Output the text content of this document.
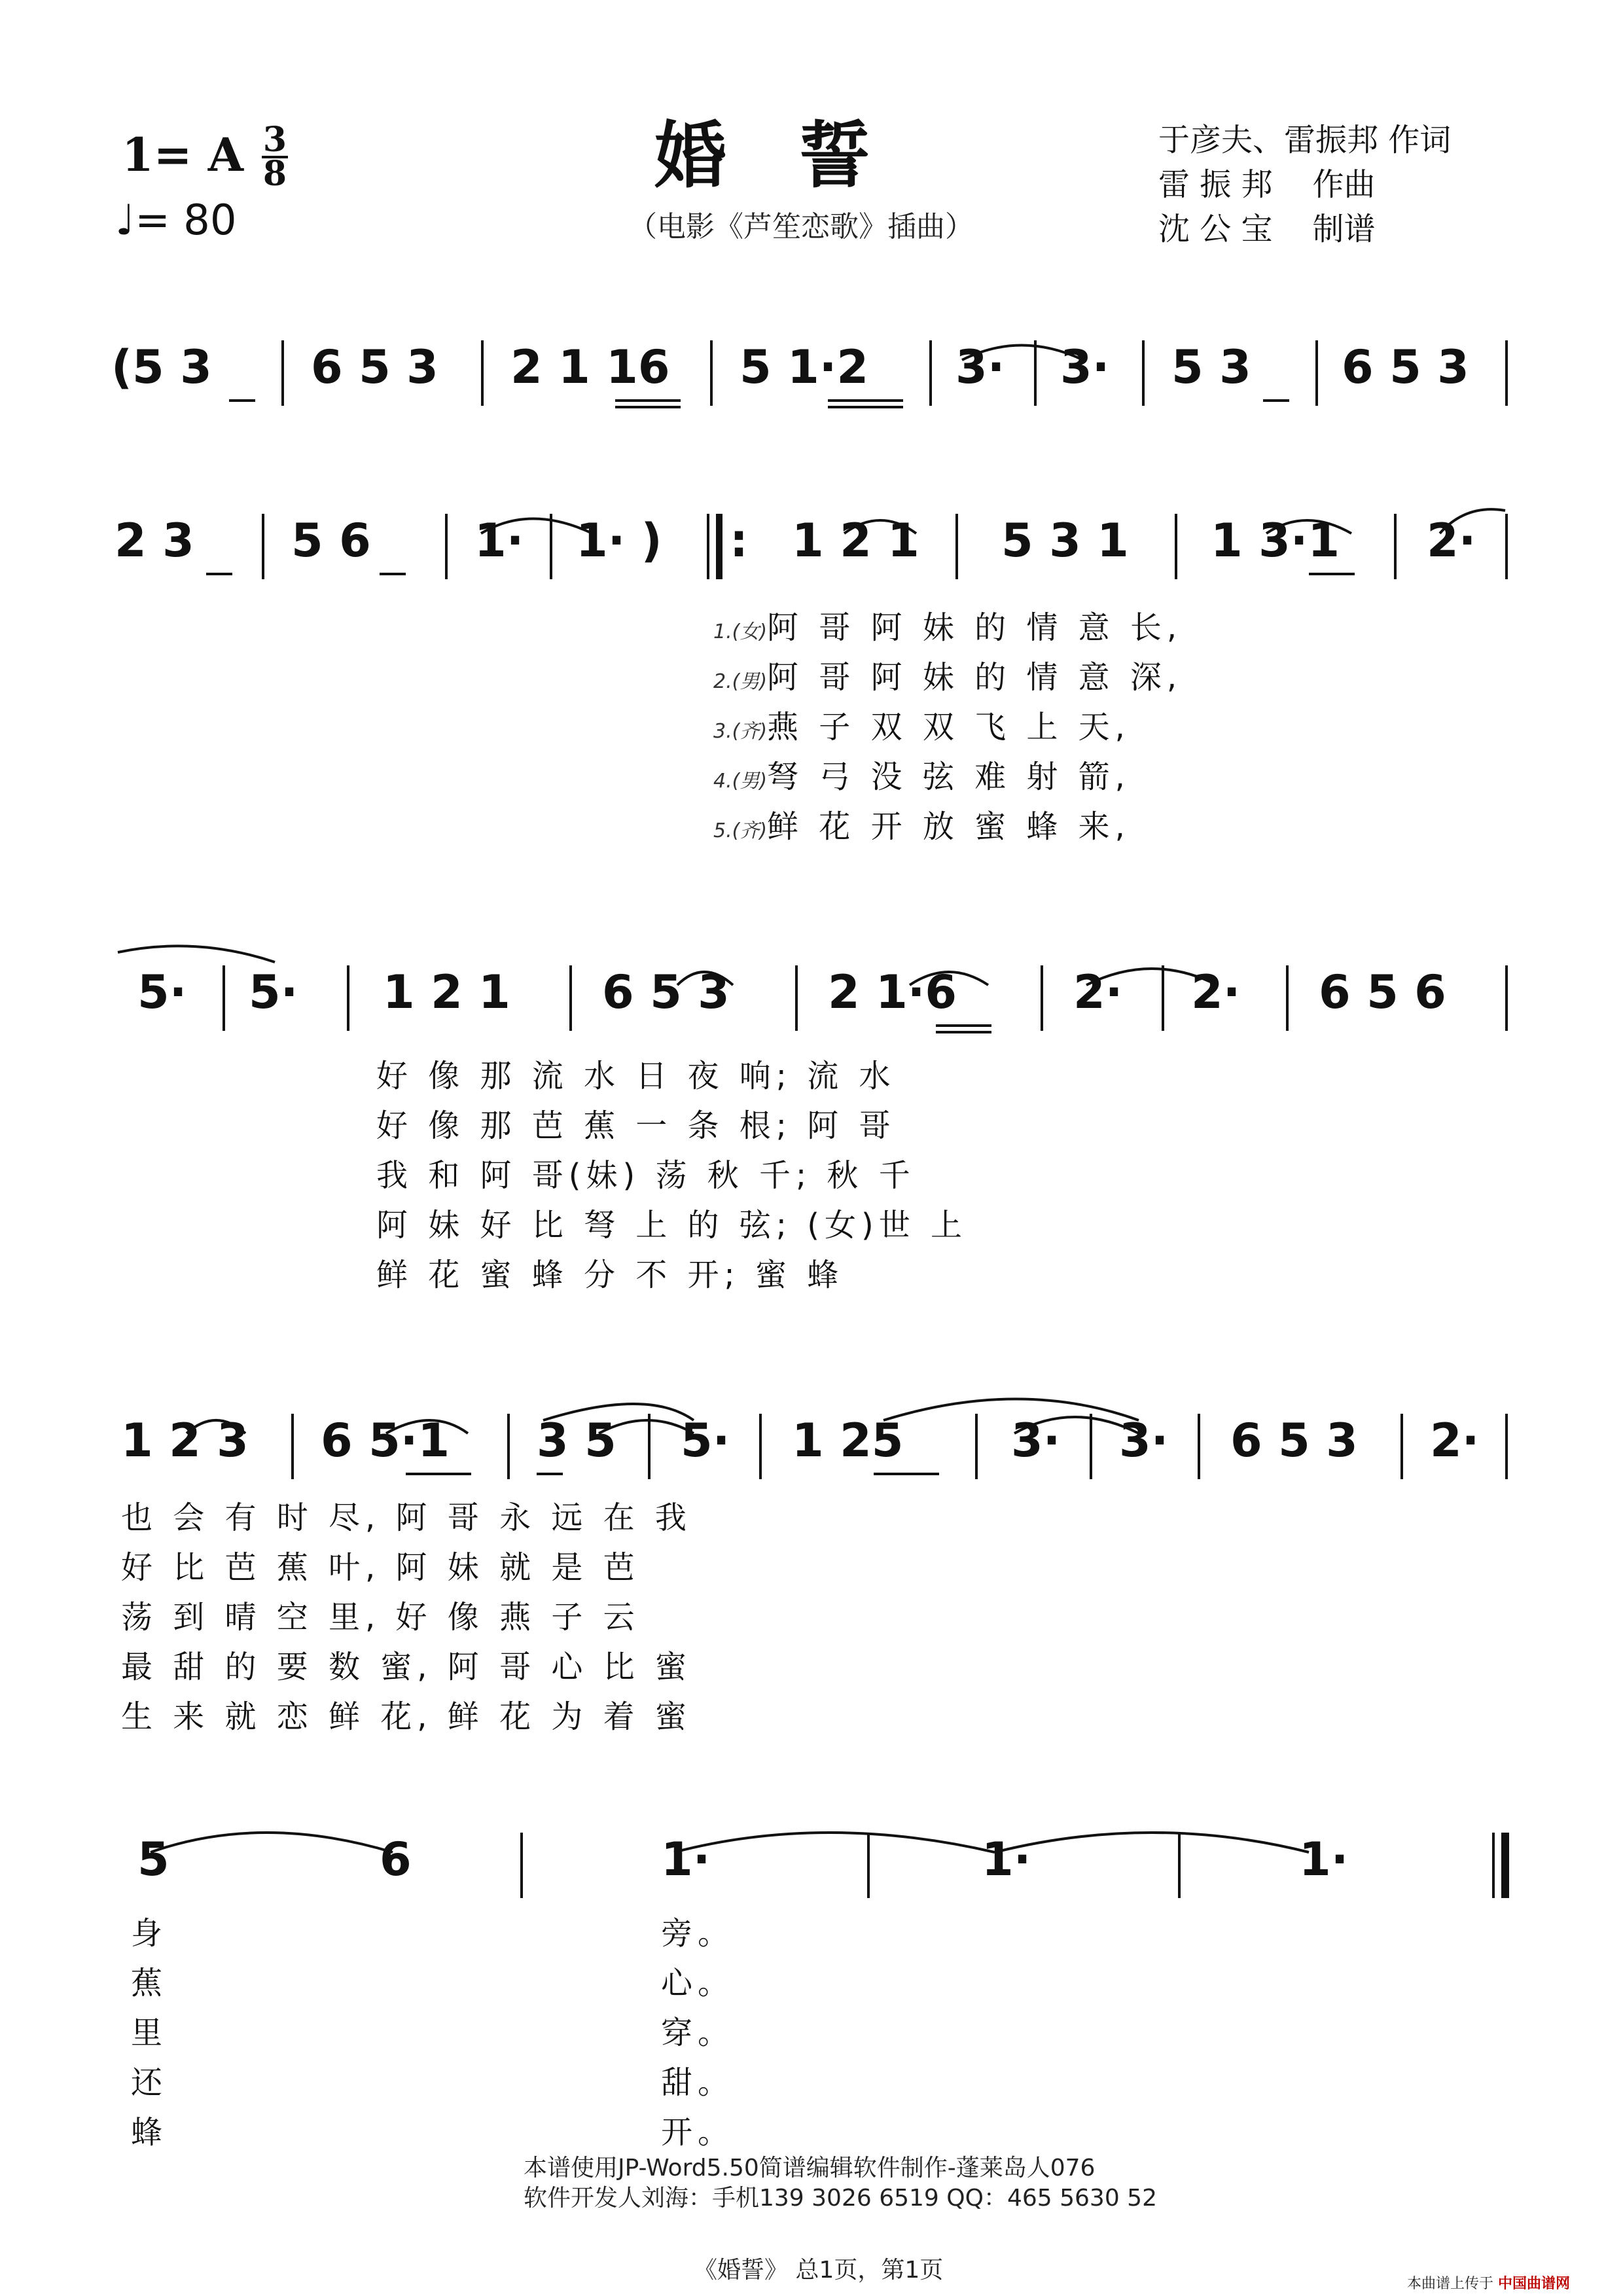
1= A 3
8
♩= 80
婚誓
（电影《芦笙恋歌》插曲）
于彦夫、雷振邦 作词
雷 振 邦    作曲
沈 公 宝    制谱
(5 3 6 5 3 2 1 16 5 1·2 3· 3· 5 3 6 5 3
2 3 5 6 1· 1· ) : 1 2 1 5 3 1 1 3·1 2·
1.(女)阿 哥 阿 妹 的 情 意 长,
2.(男)阿 哥 阿 妹 的 情 意 深,
3.(齐)燕 子 双 双 飞 上 天,
4.(男)弩 弓 没 弦 难 射 箭,
5.(齐)鲜 花 开 放 蜜 蜂 来,
5· 5· 1 2 1 6 5 3 2 1·6	2· 2· 6 5 6
好 像 那 流 水 日 夜 响; 流 水
好 像 那 芭 蕉 一 条 根; 阿 哥
我 和 阿 哥(妹) 荡 秋 千; 秋 千
阿 妹 好 比 弩 上 的 弦; (女)世 上
鲜 花 蜜 蜂 分 不 开; 蜜 蜂
1 2 3 6 5·1 3 5 5· 1 25 3· 3· 6 5 3 2·
也 会 有 时 尽, 阿 哥 永 远 在 我
好 比 芭 蕉 叶, 阿 妹 就 是 芭
荡 到 晴 空 里, 好 像 燕 子 云
最 甜 的 要 数 蜜, 阿 哥 心 比 蜜
生 来 就 恋 鲜 花, 鲜 花 为 着 蜜
5	6	1·	1·	1·
身
蕉
里
还
蜂
旁。
心。
穿。
甜。
开。
本谱使用JP-Word5.50简谱编辑软件制作-蓬莱岛人076
软件开发人刘海：手机139 3026 6519 QQ：465 5630 52
《婚誓》 总1页，第1页
本曲谱上传于 中国曲谱网
